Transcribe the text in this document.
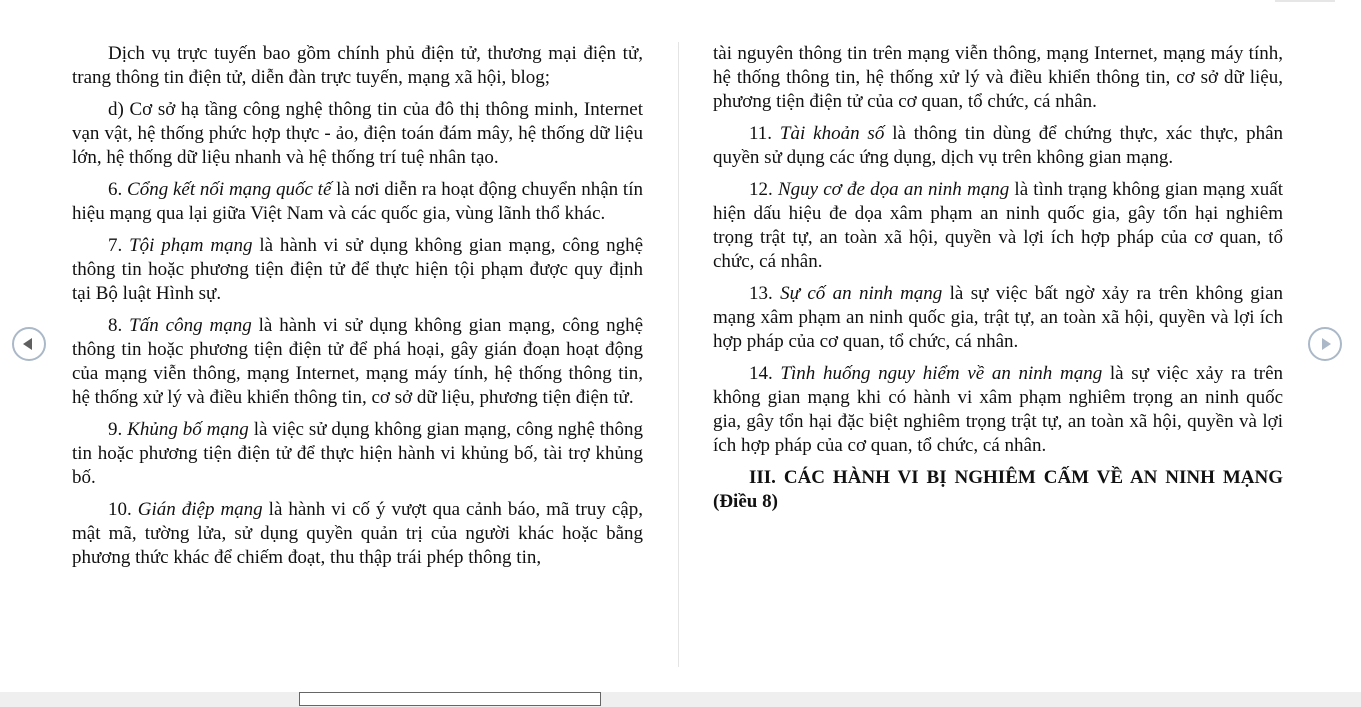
Dịch vụ trực tuyến bao gồm chính phủ điện tử, thương mại điện tử, trang thông tin điện tử, diễn đàn trực tuyến, mạng xã hội, blog;

d) Cơ sở hạ tầng công nghệ thông tin của đô thị thông minh, Internet vạn vật, hệ thống phức hợp thực - ảo, điện toán đám mây, hệ thống dữ liệu lớn, hệ thống dữ liệu nhanh và hệ thống trí tuệ nhân tạo.

6. Cổng kết nối mạng quốc tế là nơi diễn ra hoạt động chuyển nhận tín hiệu mạng qua lại giữa Việt Nam và các quốc gia, vùng lãnh thổ khác.

7. Tội phạm mạng là hành vi sử dụng không gian mạng, công nghệ thông tin hoặc phương tiện điện tử để thực hiện tội phạm được quy định tại Bộ luật Hình sự.

8. Tấn công mạng là hành vi sử dụng không gian mạng, công nghệ thông tin hoặc phương tiện điện tử để phá hoại, gây gián đoạn hoạt động của mạng viễn thông, mạng Internet, mạng máy tính, hệ thống thông tin, hệ thống xử lý và điều khiển thông tin, cơ sở dữ liệu, phương tiện điện tử.

9. Khủng bố mạng là việc sử dụng không gian mạng, công nghệ thông tin hoặc phương tiện điện tử để thực hiện hành vi khủng bố, tài trợ khủng bố.

10. Gián điệp mạng là hành vi cố ý vượt qua cảnh báo, mã truy cập, mật mã, tường lửa, sử dụng quyền quản trị của người khác hoặc bằng phương thức khác để chiếm đoạt, thu thập trái phép thông tin,

tài nguyên thông tin trên mạng viễn thông, mạng Internet, mạng máy tính, hệ thống thông tin, hệ thống xử lý và điều khiển thông tin, cơ sở dữ liệu, phương tiện điện tử của cơ quan, tổ chức, cá nhân.

11. Tài khoản số là thông tin dùng để chứng thực, xác thực, phân quyền sử dụng các ứng dụng, dịch vụ trên không gian mạng.

12. Nguy cơ đe dọa an ninh mạng là tình trạng không gian mạng xuất hiện dấu hiệu đe dọa xâm phạm an ninh quốc gia, gây tổn hại nghiêm trọng trật tự, an toàn xã hội, quyền và lợi ích hợp pháp của cơ quan, tổ chức, cá nhân.

13. Sự cố an ninh mạng là sự việc bất ngờ xảy ra trên không gian mạng xâm phạm an ninh quốc gia, trật tự, an toàn xã hội, quyền và lợi ích hợp pháp của cơ quan, tổ chức, cá nhân.

14. Tình huống nguy hiểm về an ninh mạng là sự việc xảy ra trên không gian mạng khi có hành vi xâm phạm nghiêm trọng an ninh quốc gia, gây tổn hại đặc biệt nghiêm trọng trật tự, an toàn xã hội, quyền và lợi ích hợp pháp của cơ quan, tổ chức, cá nhân.

III. CÁC HÀNH VI BỊ NGHIÊM CẤM VỀ AN NINH MẠNG (Điều 8)
